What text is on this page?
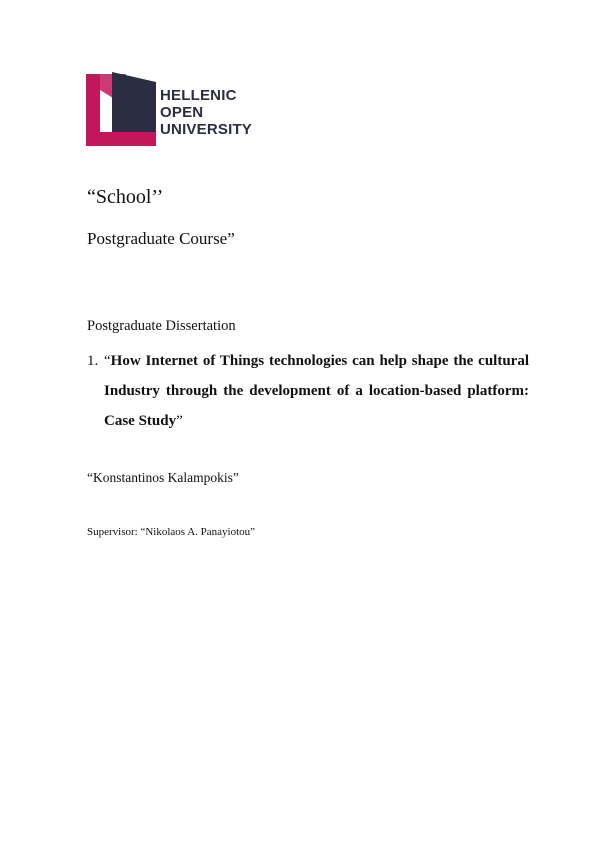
HELLENIC
OPEN
UNIVERSITY
“School’’
Postgraduate Course”
Postgraduate Dissertation
1. “How Internet of Things technologies can help shape the cultural Industry through the development of a location-based platform: Case Study”
“Konstantinos Kalampokis”
Supervisor: “Nikolaos A. Panayiotou”
